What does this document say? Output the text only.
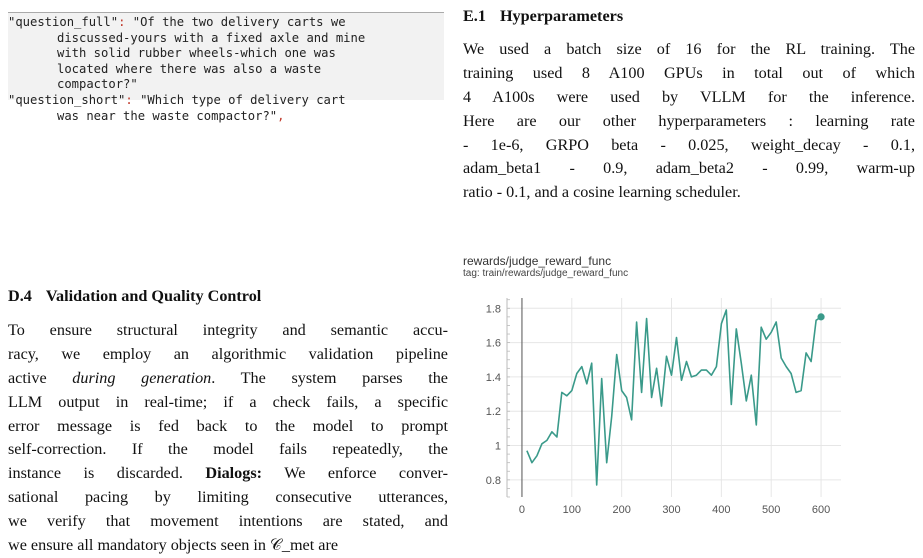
"question_full": "Of the two delivery carts we
discussed-yours with a fixed axle and mine
with solid rubber wheels-which one was
located where there was also a waste
compactor?"
"question_short": "Which type of delivery cart
was near the waste compactor?",
D.4 Validation and Quality Control
To ensure structural integrity and semantic accu-
racy, we employ an algorithmic validation pipeline
active during generation. The system parses the
LLM output in real-time; if a check fails, a specific
error message is fed back to the model to prompt
self-correction. If the model fails repeatedly, the
instance is discarded. Dialogs: We enforce conver-
sational pacing by limiting consecutive utterances,
we verify that movement intentions are stated, and
we ensure all mandatory objects seen in 𝒞_met are
E.1 Hyperparameters
We used a batch size of 16 for the RL training. The
training used 8 A100 GPUs in total out of which
4 A100s were used by VLLM for the inference.
Here are our other hyperparameters : learning rate
- 1e-6, GRPO beta - 0.025, weight_decay - 0.1,
adam_beta1 - 0.9, adam_beta2 - 0.99, warm-up
ratio - 0.1, and a cosine learning scheduler.
rewards/judge_reward_func
tag: train/rewards/judge_reward_func
0	100	200	300	400	500	600
0.8
1
1.2
1.4
1.6
1.8
